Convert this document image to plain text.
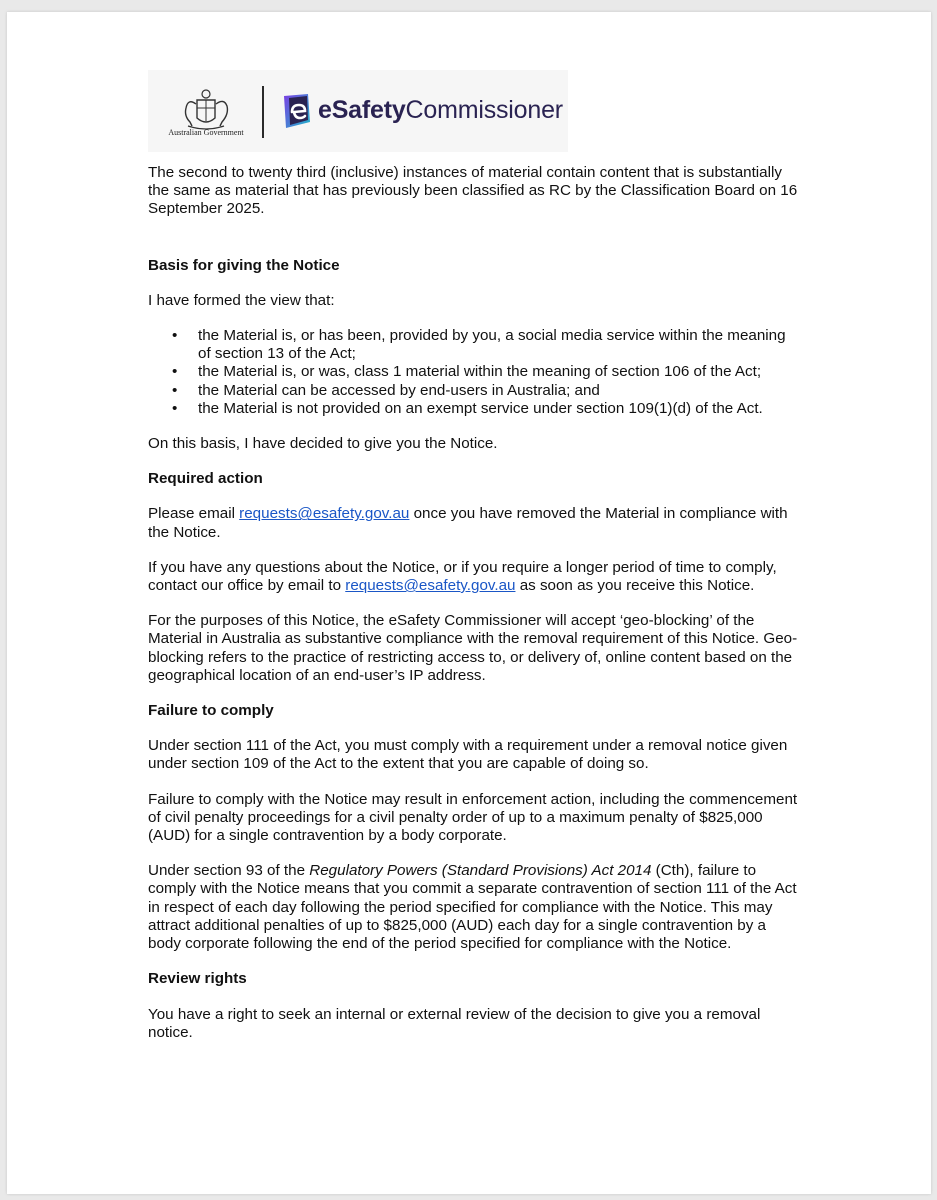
Australian Government
eSafetyCommissioner

The second to twenty third (inclusive) instances of material contain content that is substantially the same as material that has previously been classified as RC by the Classification Board on 16 September 2025.

Basis for giving the Notice

I have formed the view that:

• the Material is, or has been, provided by you, a social media service within the meaning of section 13 of the Act;
• the Material is, or was, class 1 material within the meaning of section 106 of the Act;
• the Material can be accessed by end-users in Australia; and
• the Material is not provided on an exempt service under section 109(1)(d) of the Act.

On this basis, I have decided to give you the Notice.

Required action

Please email requests@esafety.gov.au once you have removed the Material in compliance with the Notice.

If you have any questions about the Notice, or if you require a longer period of time to comply, contact our office by email to requests@esafety.gov.au as soon as you receive this Notice.

For the purposes of this Notice, the eSafety Commissioner will accept ‘geo-blocking’ of the Material in Australia as substantive compliance with the removal requirement of this Notice. Geo-blocking refers to the practice of restricting access to, or delivery of, online content based on the geographical location of an end-user’s IP address.

Failure to comply

Under section 111 of the Act, you must comply with a requirement under a removal notice given under section 109 of the Act to the extent that you are capable of doing so.

Failure to comply with the Notice may result in enforcement action, including the commencement of civil penalty proceedings for a civil penalty order of up to a maximum penalty of $825,000 (AUD) for a single contravention by a body corporate.

Under section 93 of the Regulatory Powers (Standard Provisions) Act 2014 (Cth), failure to comply with the Notice means that you commit a separate contravention of section 111 of the Act in respect of each day following the period specified for compliance with the Notice. This may attract additional penalties of up to $825,000 (AUD) each day for a single contravention by a body corporate following the end of the period specified for compliance with the Notice.

Review rights

You have a right to seek an internal or external review of the decision to give you a removal notice.
